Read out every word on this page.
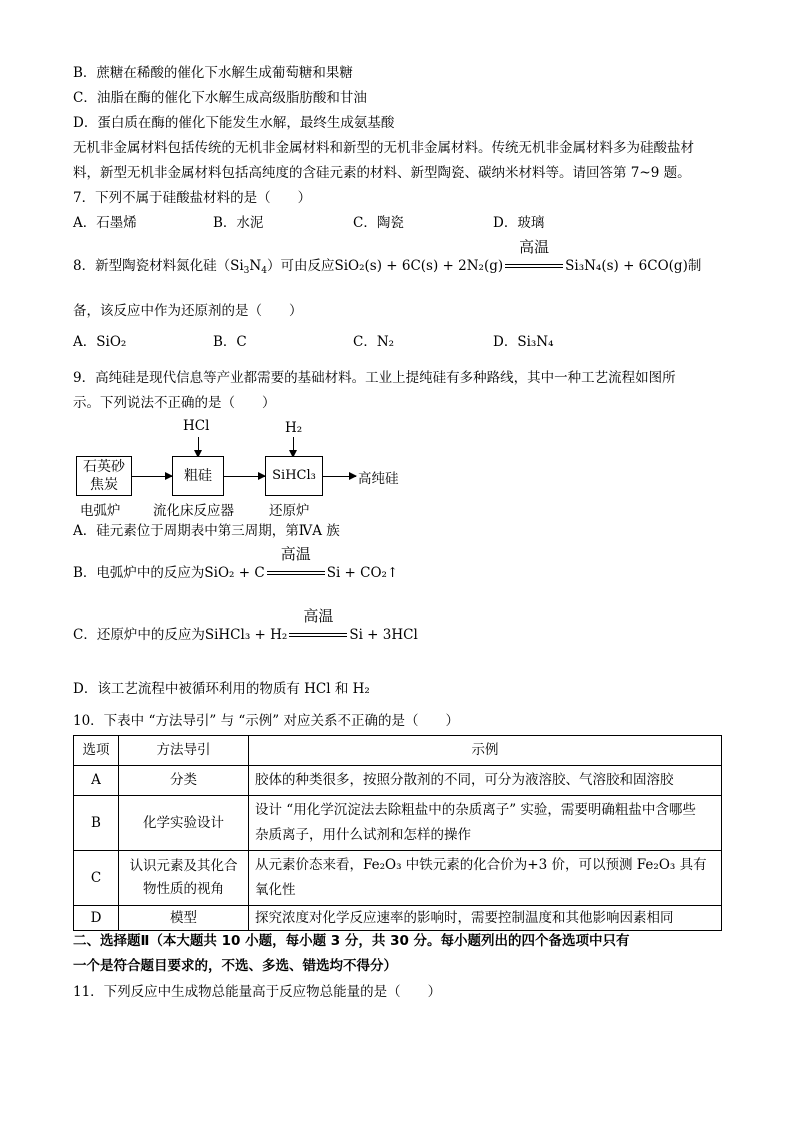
B．蔗糖在稀酸的催化下水解生成葡萄糖和果糖
C．油脂在酶的催化下水解生成高级脂肪酸和甘油
D．蛋白质在酶的催化下能发生水解，最终生成氨基酸
无机非金属材料包括传统的无机非金属材料和新型的无机非金属材料。传统无机非金属材料多为硅酸盐材
料，新型无机非金属材料包括高纯度的含硅元素的材料、新型陶瓷、碳纳米材料等。请回答第 7~9 题。
7．下列不属于硅酸盐材料的是（　　）
A．石墨烯	B．水泥	C．陶瓷	D．玻璃
8．新型陶瓷材料氮化硅$(Si_3N_4)$可由反应SiO₂(s) + 6C(s) + 2N₂(g)
高温
Si₃N₄(s) + 6CO(g)制
备，该反应中作为还原剂的是（　　）
A．SiO₂	B．C	C．N₂	D．Si₃N₄
9．高纯硅是现代信息等产业都需要的基础材料。工业上提纯硅有多种路线，其中一种工艺流程如图所
示。下列说法不正确的是（　　）
石英砂
焦炭
电弧炉
HCl
粗硅
流化床反应器
H₂
SiHCl₃
还原炉
高纯硅
A．硅元素位于周期表中第三周期，第ⅣA 族
B．电弧炉中的反应为SiO₂ + C
高温
Si + CO₂↑
C．还原炉中的反应为SiHCl₃ + H₂
高温
Si + 3HCl
D．该工艺流程中被循环利用的物质有 HCl 和 H₂
10．下表中 “方法导引” 与 “示例” 对应关系不正确的是（　　）
选项	方法导引	示例
A	分类	胶体的种类很多，按照分散剂的不同，可分为液溶胶、气溶胶和固溶胶
B	化学实验设计	设计 “用化学沉淀法去除粗盐中的杂质离子” 实验，需要明确粗盐中含哪些
杂质离子，用什么试剂和怎样的操作

C	认识元素及其化合物性质的视角	从元素价态来看，Fe₂O₃ 中铁元素的化合价为+3 价，可以预测 Fe₂O₃ 具有
氧化性

D	模型	探究浓度对化学反应速率的影响时，需要控制温度和其他影响因素相同
二、选择题Ⅱ（本大题共 10 小题，每小题 3 分，共 30 分。每小题列出的四个备选项中只有
一个是符合题目要求的，不选、多选、错选均不得分）
11．下列反应中生成物总能量高于反应物总能量的是（　　）
